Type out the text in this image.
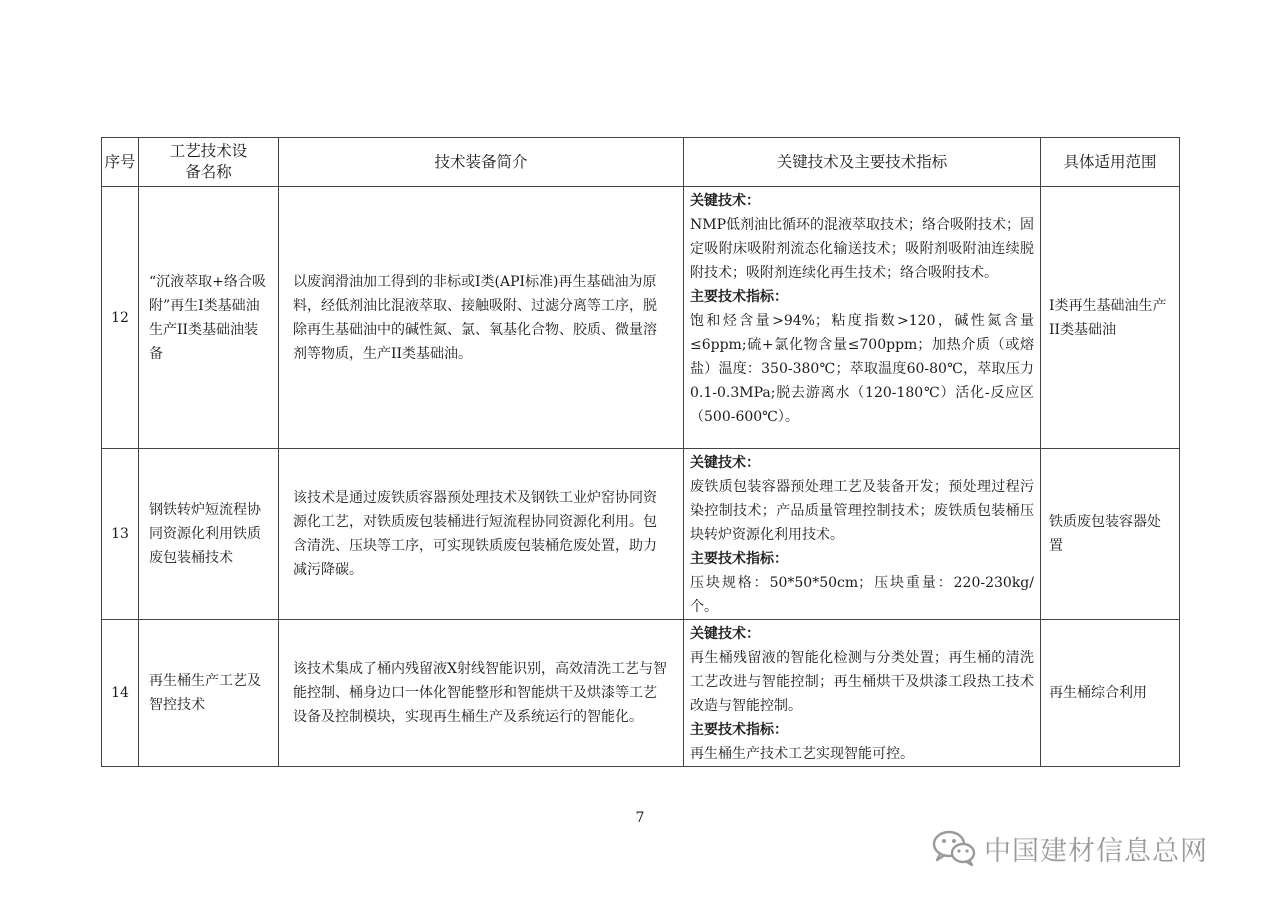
序号	工艺技术设备名称	技术装备简介	关键技术及主要技术指标	具体适用范围
12	“沉液萃取+络合吸附”再生I类基础油生产II类基础油装备	以废润滑油加工得到的非标或I类(API标准)再生基础油为原料，经低剂油比混液萃取、接触吸附、过滤分离等工序，脱除再生基础油中的碱性氮、氯、氧基化合物、胶质、微量溶剂等物质，生产II类基础油。	关键技术：
NMP低剂油比循环的混液萃取技术；络合吸附技术；固定吸附床吸附剂流态化输送技术；吸附剂吸附油连续脱附技术；吸附剂连续化再生技术；络合吸附技术。
主要技术指标：
饱和烃含量>94%；粘度指数>120，碱性氮含量≤6ppm;硫+氯化物含量≤700ppm；加热介质（或熔盐）温度：350-380℃；萃取温度60-80℃，萃取压力0.1-0.3MPa;脱去游离水（120-180℃）活化-反应区（500-600℃）。	I类再生基础油生产II类基础油
13	钢铁转炉短流程协同资源化利用铁质废包装桶技术	该技术是通过废铁质容器预处理技术及钢铁工业炉窑协同资源化工艺，对铁质废包装桶进行短流程协同资源化利用。包含清洗、压块等工序，可实现铁质废包装桶危废处置，助力减污降碳。	关键技术：
废铁质包装容器预处理工艺及装备开发；预处理过程污染控制技术；产品质量管理控制技术；废铁质包装桶压块转炉资源化利用技术。
主要技术指标：
压块规格：50*50*50cm；压块重量：220-230kg/个。	铁质废包装容器处置
14	再生桶生产工艺及智控技术	该技术集成了桶内残留液X射线智能识别，高效清洗工艺与智能控制、桶身边口一体化智能整形和智能烘干及烘漆等工艺设备及控制模块，实现再生桶生产及系统运行的智能化。	关键技术：
再生桶残留液的智能化检测与分类处置；再生桶的清洗工艺改进与智能控制；再生桶烘干及烘漆工段热工技术改造与智能控制。
主要技术指标：
再生桶生产技术工艺实现智能可控。	再生桶综合利用
7
中国建材信息总网
